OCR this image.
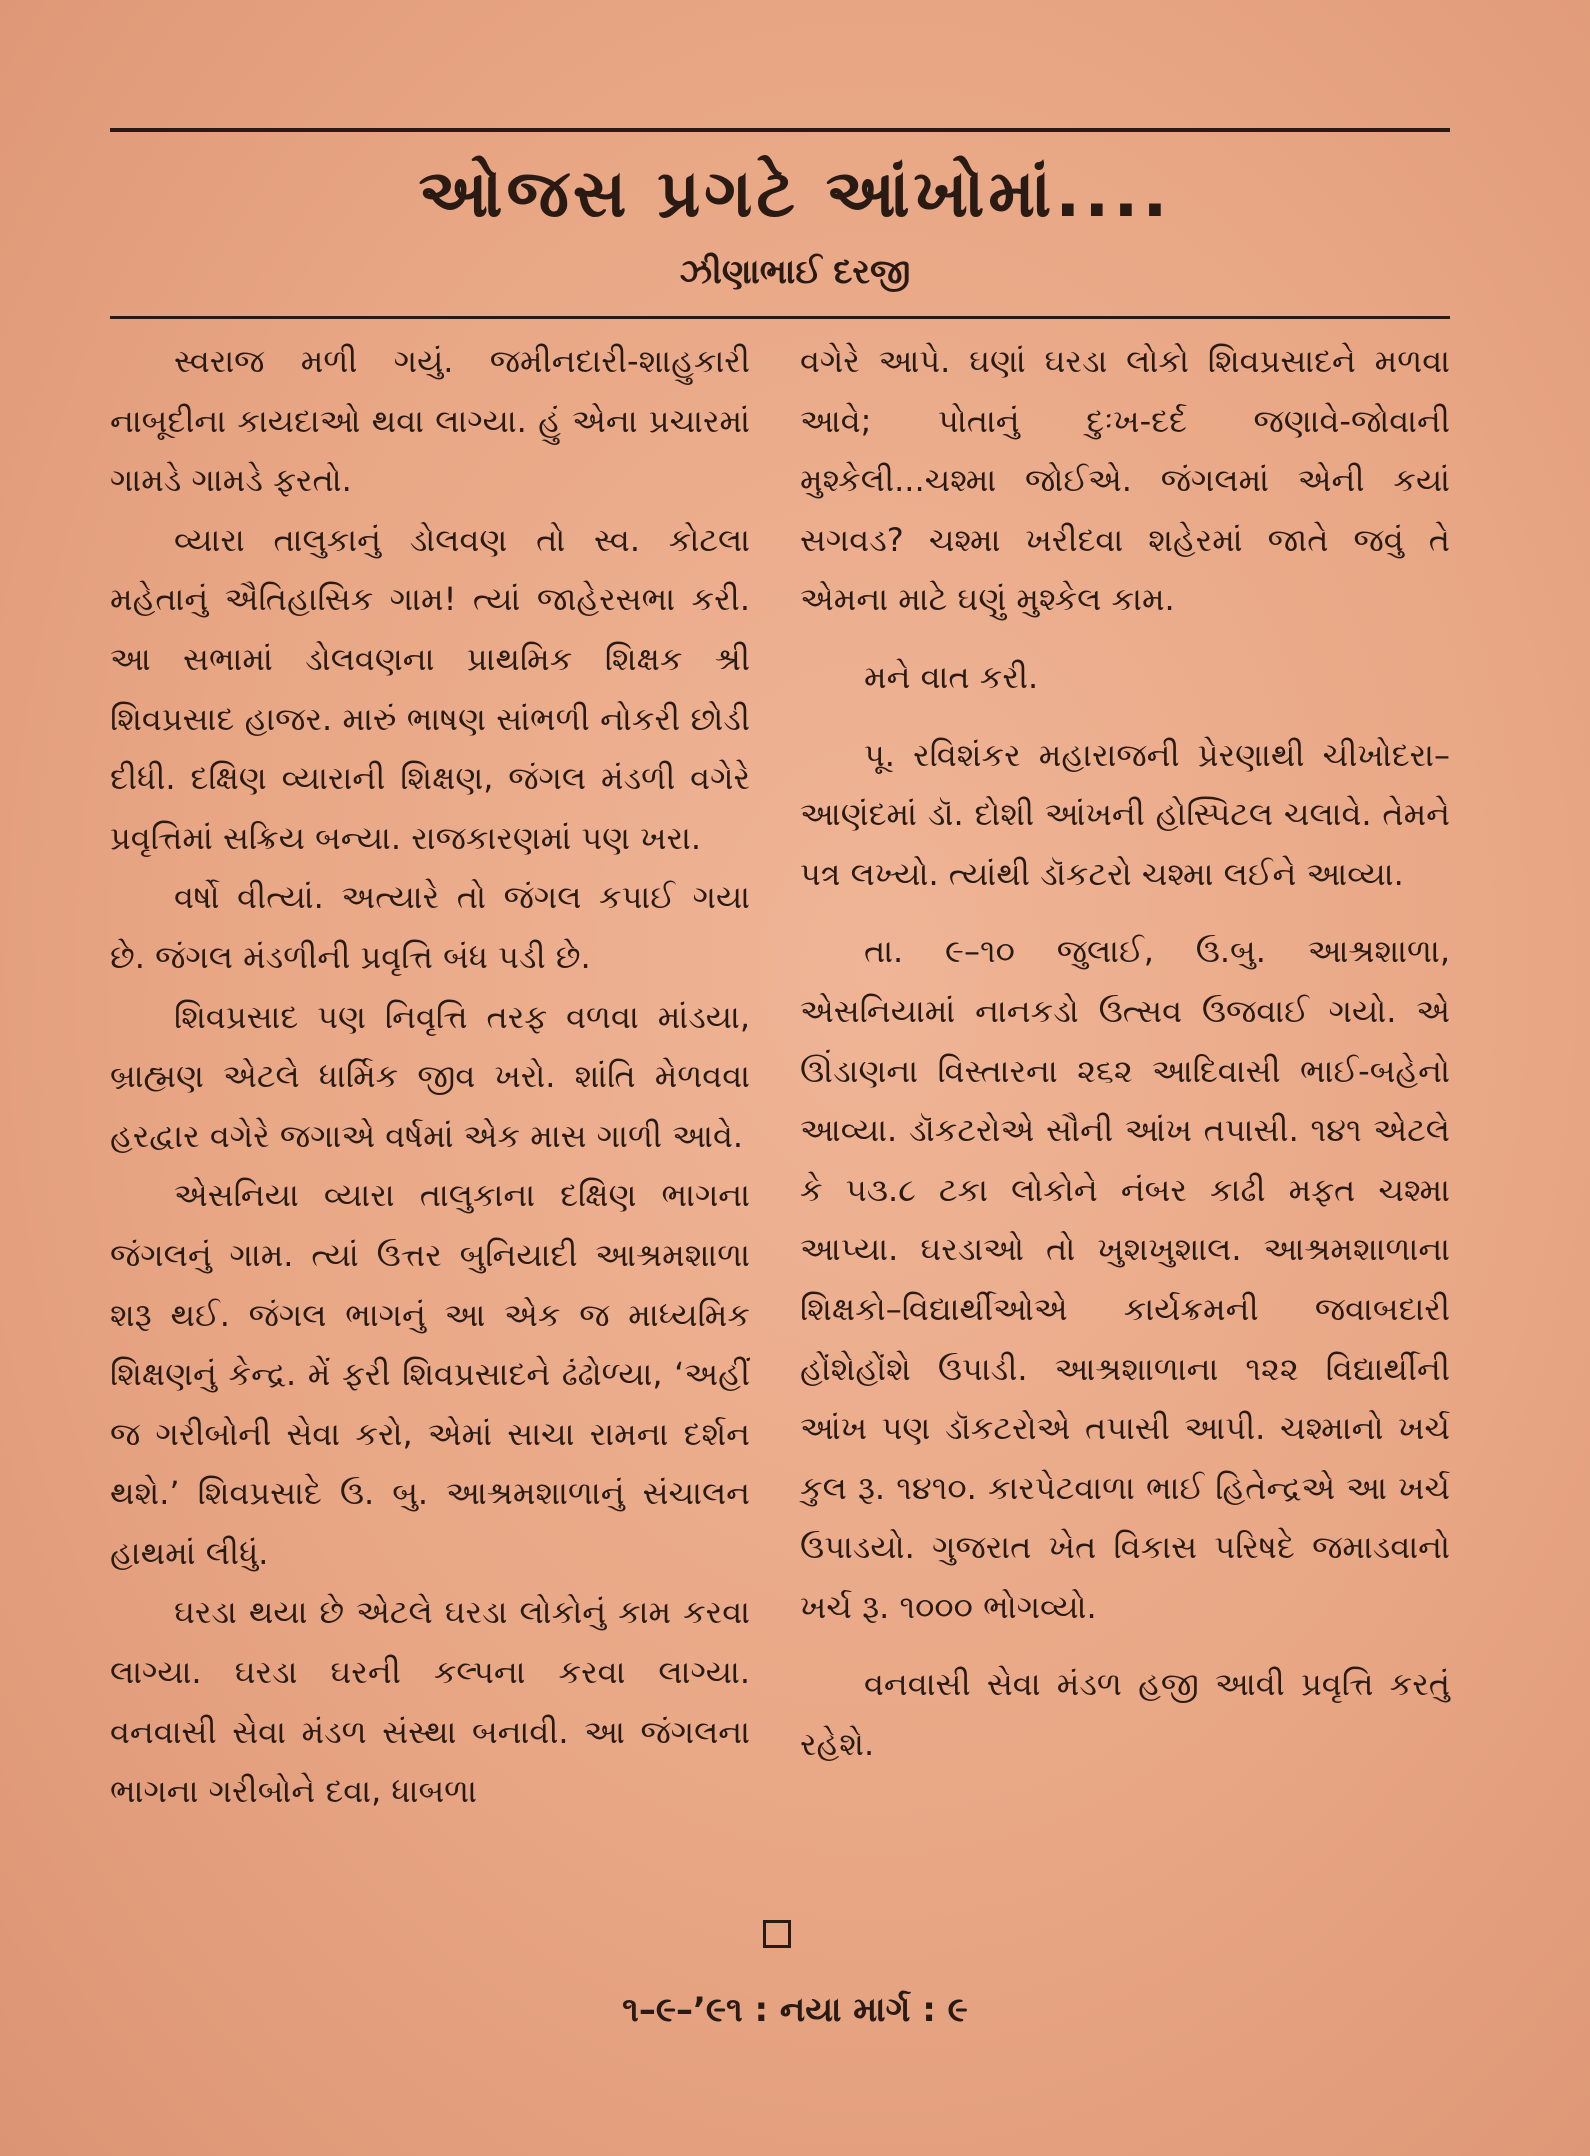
ઓજસ પ્રગટે આંખોમાં....
ઝીણાભાઈ દરજી

સ્વરાજ મળી ગયું. જમીનદારી-શાહુકારી નાબૂદીના કાયદાઓ થવા લાગ્યા. હું એના પ્રચારમાં ગામડે ગામડે ફરતો.

વ્યારા તાલુકાનું ડોલવણ તો સ્વ. કોટલા મહેતાનું ઐતિહાસિક ગામ! ત્યાં જાહેરસભા કરી. આ સભામાં ડોલવણના પ્રાથમિક શિક્ષક શ્રી શિવપ્રસાદ હાજર. મારું ભાષણ સાંભળી નોકરી છોડી દીધી. દક્ષિણ વ્યારાની શિક્ષણ, જંગલ મંડળી વગેરે પ્રવૃત્તિમાં સક્રિય બન્યા. રાજકારણમાં પણ ખરા.

વર્ષો વીત્યાં. અત્યારે તો જંગલ કપાઈ ગયા છે. જંગલ મંડળીની પ્રવૃત્તિ બંધ પડી છે.

શિવપ્રસાદ પણ નિવૃત્તિ તરફ વળવા માંડયા, બ્રાહ્મણ એટલે ધાર્મિક જીવ ખરો. શાંતિ મેળવવા હરદ્વાર વગેરે જગાએ વર્ષમાં એક માસ ગાળી આવે.

એસનિયા વ્યારા તાલુકાના દક્ષિણ ભાગના જંગલનું ગામ. ત્યાં ઉત્તર બુનિયાદી આશ્રમશાળા શરૂ થઈ. જંગલ ભાગનું આ એક જ માધ્યમિક શિક્ષણનું કેન્દ્ર. મેં ફરી શિવપ્રસાદને ઢંઢોળ્યા, ‘અહીં જ ગરીબોની સેવા કરો, એમાં સાચા રામના દર્શન થશે.’ શિવપ્રસાદે ઉ. બુ. આશ્રમશાળાનું સંચાલન હાથમાં લીધું.

ઘરડા થયા છે એટલે ઘરડા લોકોનું કામ કરવા લાગ્યા. ઘરડા ઘરની કલ્પના કરવા લાગ્યા. વનવાસી સેવા મંડળ સંસ્થા બનાવી. આ જંગલના ભાગના ગરીબોને દવા, ધાબળા

વગેરે આપે. ઘણાં ઘરડા લોકો શિવપ્રસાદને મળવા આવે; પોતાનું દુઃખ-દર્દ જણાવે-જોવાની મુશ્કેલી...ચશ્મા જોઈએ. જંગલમાં એની કયાં સગવડ? ચશ્મા ખરીદવા શહેરમાં જાતે જવું તે એમના માટે ઘણું મુશ્કેલ કામ.

મને વાત કરી.

પૂ. રવિશંકર મહારાજની પ્રેરણાથી ચીખોદરા–આણંદમાં ડૉ. દોશી આંખની હોસ્પિટલ ચલાવે. તેમને પત્ર લખ્યો. ત્યાંથી ડૉકટરો ચશ્મા લઈને આવ્યા.

તા. ૯–૧૦ જુલાઈ, ઉ.બુ. આશ્રશાળા, એસનિયામાં નાનકડો ઉત્સવ ઉજવાઈ ગયો. એ ઊંડાણના વિસ્તારના ૨૬૨ આદિવાસી ભાઈ-બહેનો આવ્યા. ડૉકટરોએ સૌની આંખ તપાસી. ૧૪૧ એટલે કે ૫૩.૮ ટકા લોકોને નંબર કાઢી મફત ચશ્મા આપ્યા. ઘરડાઓ તો ખુશખુશાલ. આશ્રમશાળાના શિક્ષકો–વિદ્યાર્થીઓએ કાર્યક્રમની જવાબદારી હોંશેહોંશે ઉપાડી. આશ્રશાળાના ૧૨૨ વિદ્યાર્થીની આંખ પણ ડૉકટરોએ તપાસી આપી. ચશ્માનો ખર્ચ કુલ રૂ. ૧૪૧૦. કારપેટવાળા ભાઈ હિતેન્દ્રએ આ ખર્ચ ઉપાડયો. ગુજરાત ખેત વિકાસ પરિષદે જમાડવાનો ખર્ચ રૂ. ૧૦૦૦ ભોગવ્યો.

વનવાસી સેવા મંડળ હજી આવી પ્રવૃત્તિ કરતું રહેશે.

૧–૯–’૯૧ : નયા માર્ગ : ૯
